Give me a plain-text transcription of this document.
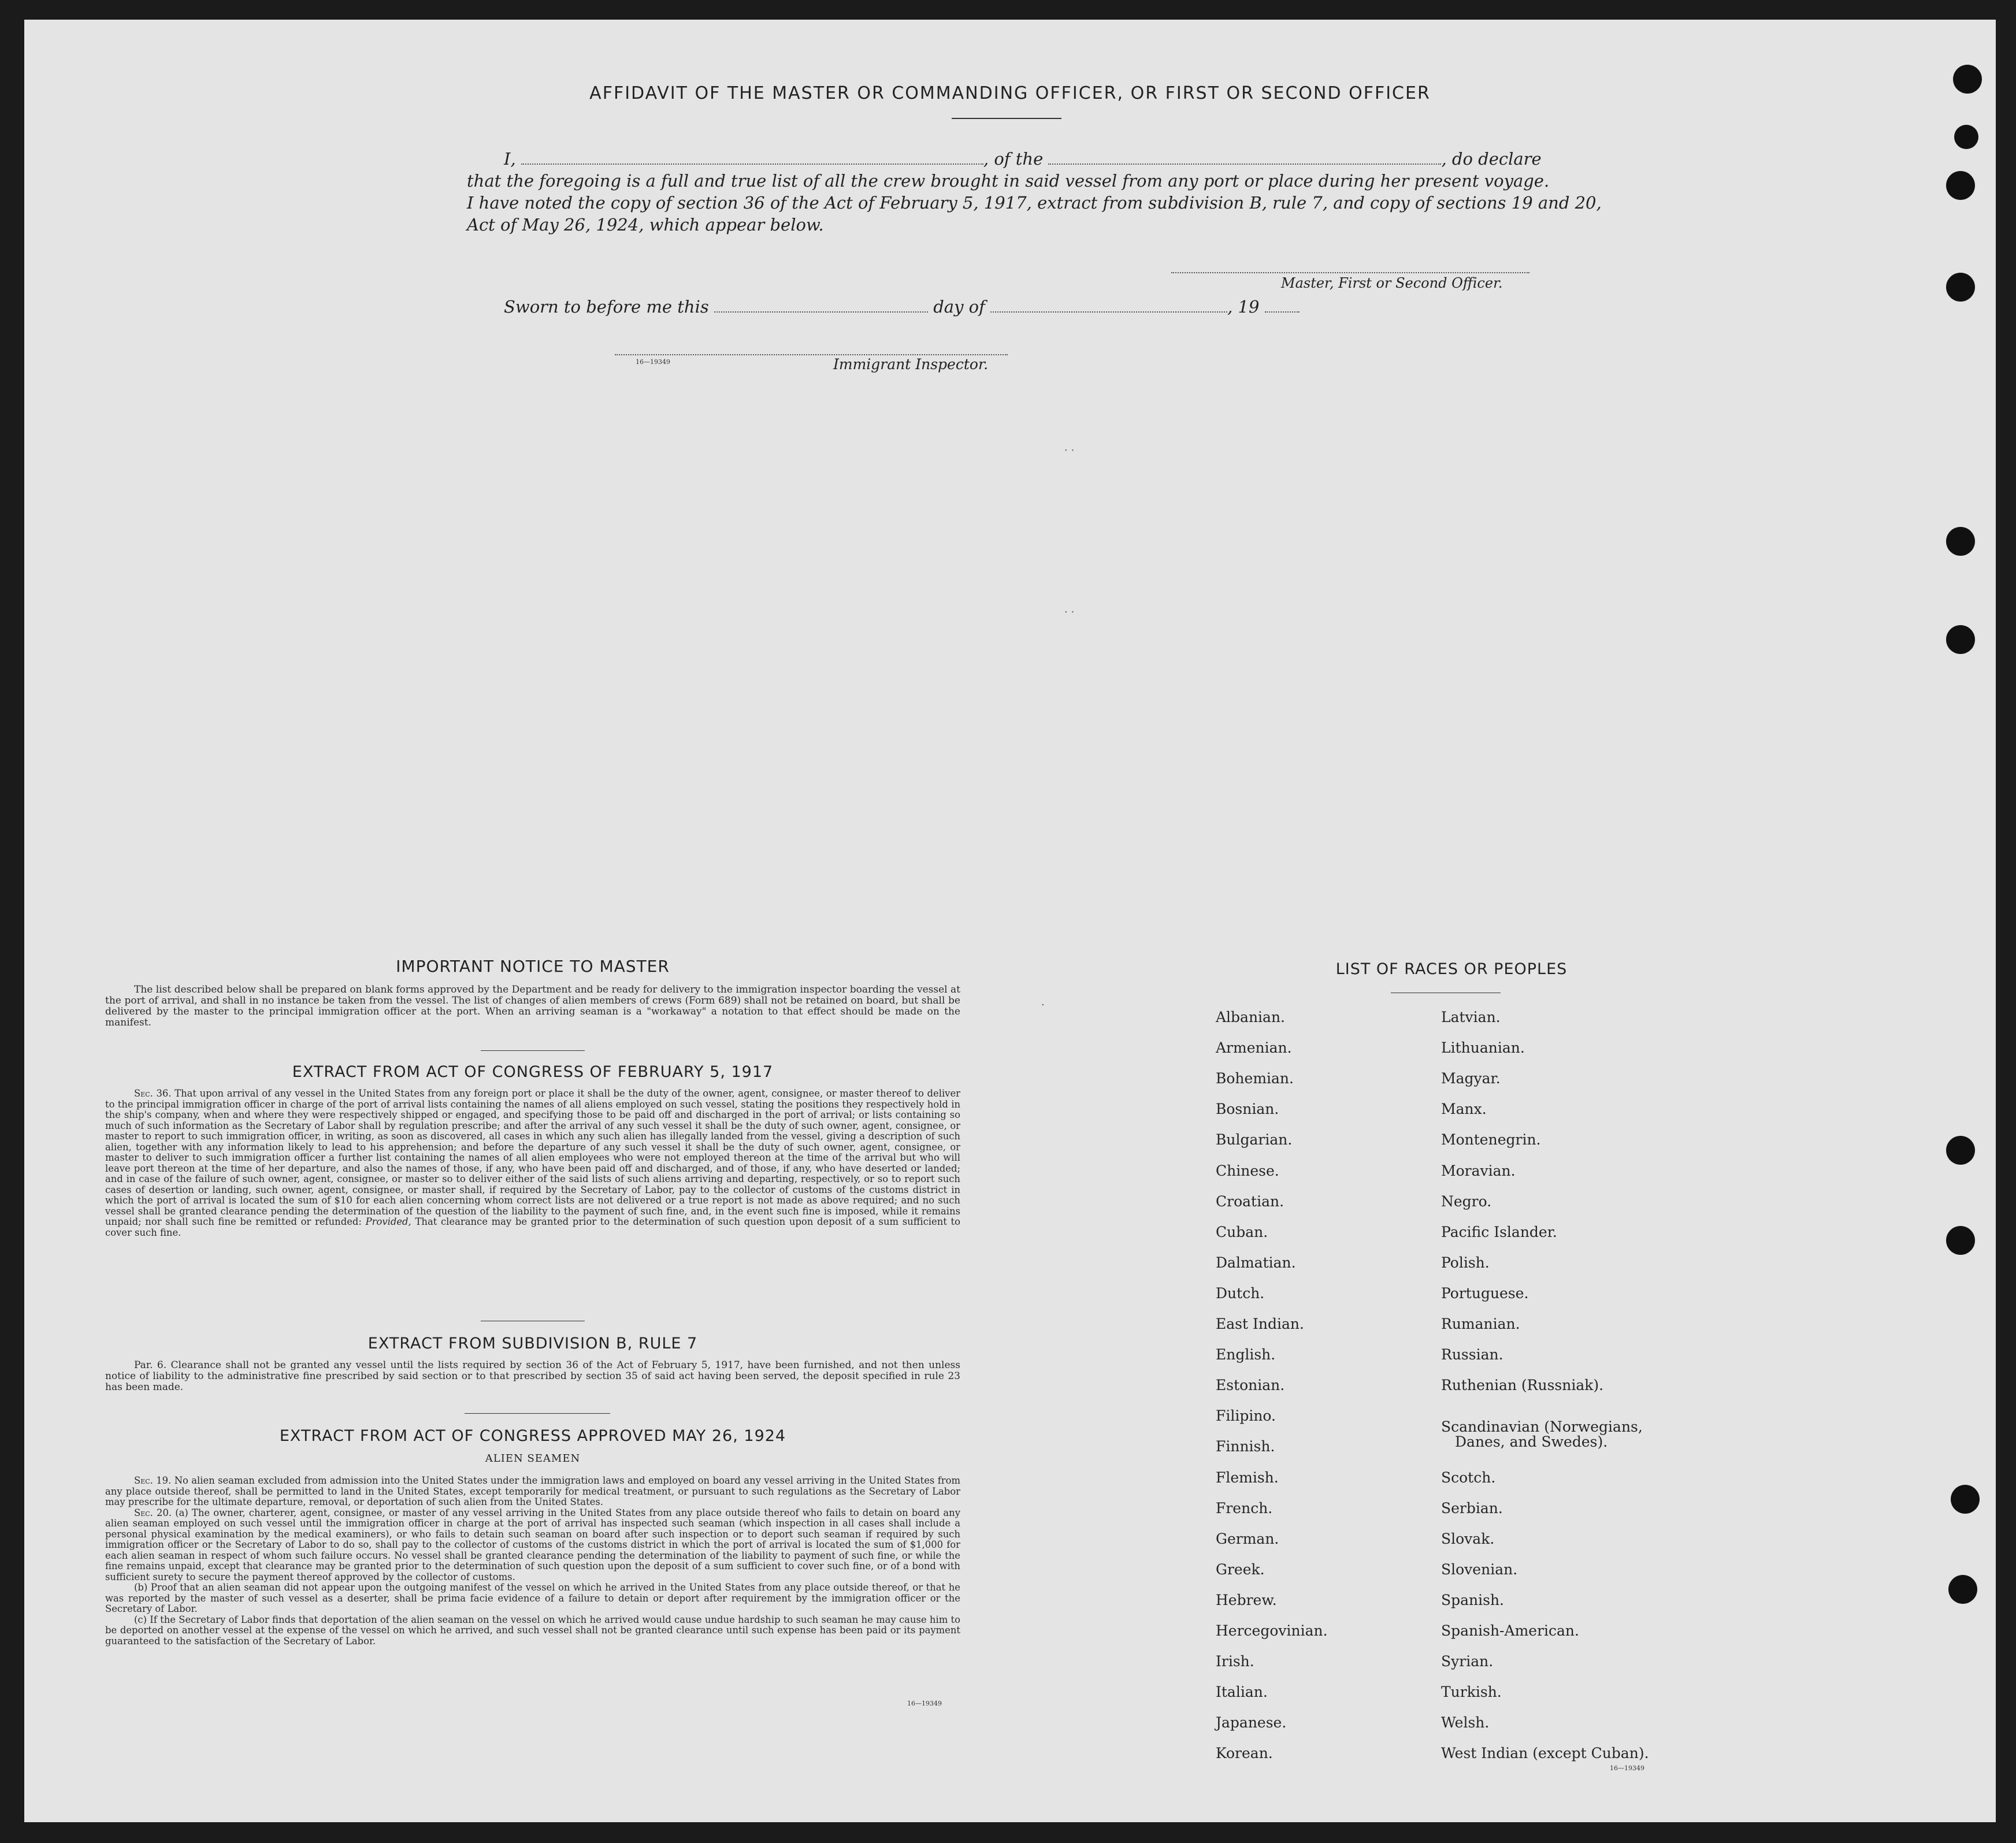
AFFIDAVIT OF THE MASTER OR COMMANDING OFFICER, OR FIRST OR SECOND OFFICER
I,	, of the	, do declare
that the foregoing is a full and true list of all the crew brought in said vessel from any port or place during her present voyage.
I have noted the copy of section 36 of the Act of February 5, 1917, extract from subdivision B, rule 7, and copy of sections 19 and 20,
Act of May 26, 1924, which appear below.
Master, First or Second Officer.
Sworn to before me this	day of	, 19
16—19349	Immigrant Inspector.
. .
. .
.
IMPORTANT NOTICE TO MASTER

The list described below shall be prepared on blank forms approved by the Department and be ready for delivery to the immigration inspector boarding the vessel at the port of arrival, and shall in no instance be taken from the vessel. The list of changes of alien members of crews (Form 689) shall not be retained on board, but shall be delivered by the master to the principal immigration officer at the port. When an arriving seaman is a "workaway" a notation to that effect should be made on the manifest.

EXTRACT FROM ACT OF CONGRESS OF FEBRUARY 5, 1917

Sec. 36. That upon arrival of any vessel in the United States from any foreign port or place it shall be the duty of the owner, agent, consignee, or master thereof to deliver to the principal immigration officer in charge of the port of arrival lists containing the names of all aliens employed on such vessel, stating the positions they respectively hold in the ship's company, when and where they were respectively shipped or engaged, and specifying those to be paid off and discharged in the port of arrival; or lists containing so much of such information as the Secretary of Labor shall by regulation prescribe; and after the arrival of any such vessel it shall be the duty of such owner, agent, consignee, or master to report to such immigration officer, in writing, as soon as discovered, all cases in which any such alien has illegally landed from the vessel, giving a description of such alien, together with any information likely to lead to his apprehension; and before the departure of any such vessel it shall be the duty of such owner, agent, consignee, or master to deliver to such immigration officer a further list containing the names of all alien employees who were not employed thereon at the time of the arrival but who will leave port thereon at the time of her departure, and also the names of those, if any, who have been paid off and discharged, and of those, if any, who have deserted or landed; and in case of the failure of such owner, agent, consignee, or master so to deliver either of the said lists of such aliens arriving and departing, respectively, or so to report such cases of desertion or landing, such owner, agent, consignee, or master shall, if required by the Secretary of Labor, pay to the collector of customs of the customs district in which the port of arrival is located the sum of $10 for each alien concerning whom correct lists are not delivered or a true report is not made as above required; and no such vessel shall be granted clearance pending the determination of the question of the liability to the payment of such fine, and, in the event such fine is imposed, while it remains unpaid; nor shall such fine be remitted or refunded: Provided, That clearance may be granted prior to the determination of such question upon deposit of a sum sufficient to cover such fine.

EXTRACT FROM SUBDIVISION B, RULE 7

Par. 6. Clearance shall not be granted any vessel until the lists required by section 36 of the Act of February 5, 1917, have been furnished, and not then unless notice of liability to the administrative fine prescribed by said section or to that prescribed by section 35 of said act having been served, the deposit specified in rule 23 has been made.

EXTRACT FROM ACT OF CONGRESS APPROVED MAY 26, 1924
ALIEN SEAMEN

Sec. 19. No alien seaman excluded from admission into the United States under the immigration laws and employed on board any vessel arriving in the United States from any place outside thereof, shall be permitted to land in the United States, except temporarily for medical treatment, or pursuant to such regulations as the Secretary of Labor may prescribe for the ultimate departure, removal, or deportation of such alien from the United States.

Sec. 20. (a) The owner, charterer, agent, consignee, or master of any vessel arriving in the United States from any place outside thereof who fails to detain on board any alien seaman employed on such vessel until the immigration officer in charge at the port of arrival has inspected such seaman (which inspection in all cases shall include a personal physical examination by the medical examiners), or who fails to detain such seaman on board after such inspection or to deport such seaman if required by such immigration officer or the Secretary of Labor to do so, shall pay to the collector of customs of the customs district in which the port of arrival is located the sum of $1,000 for each alien seaman in respect of whom such failure occurs. No vessel shall be granted clearance pending the determination of the liability to payment of such fine, or while the fine remains unpaid, except that clearance may be granted prior to the determination of such question upon the deposit of a sum sufficient to cover such fine, or of a bond with sufficient surety to secure the payment thereof approved by the collector of customs.

(b) Proof that an alien seaman did not appear upon the outgoing manifest of the vessel on which he arrived in the United States from any place outside thereof, or that he was reported by the master of such vessel as a deserter, shall be prima facie evidence of a failure to detain or deport after requirement by the immigration officer or the Secretary of Labor.

(c) If the Secretary of Labor finds that deportation of the alien seaman on the vessel on which he arrived would cause undue hardship to such seaman he may cause him to be deported on another vessel at the expense of the vessel on which he arrived, and such vessel shall not be granted clearance until such expense has been paid or its payment guaranteed to the satisfaction of the Secretary of Labor.

16—19349
LIST OF RACES OR PEOPLES
16—19349
Albanian.
Armenian.
Bohemian.
Bosnian.
Bulgarian.
Chinese.
Croatian.
Cuban.
Dalmatian.
Dutch.
East Indian.
English.
Estonian.
Filipino.
Finnish.
Flemish.
French.
German.
Greek.
Hebrew.
Hercegovinian.
Irish.
Italian.
Japanese.
Korean.
Latvian.
Lithuanian.
Magyar.
Manx.
Montenegrin.
Moravian.
Negro.
Pacific Islander.
Polish.
Portuguese.
Rumanian.
Russian.
Ruthenian (Russniak).
Scandinavian (Norwegians,
Danes, and Swedes).
Scotch.
Serbian.
Slovak.
Slovenian.
Spanish.
Spanish-American.
Syrian.
Turkish.
Welsh.
West Indian (except Cuban).
